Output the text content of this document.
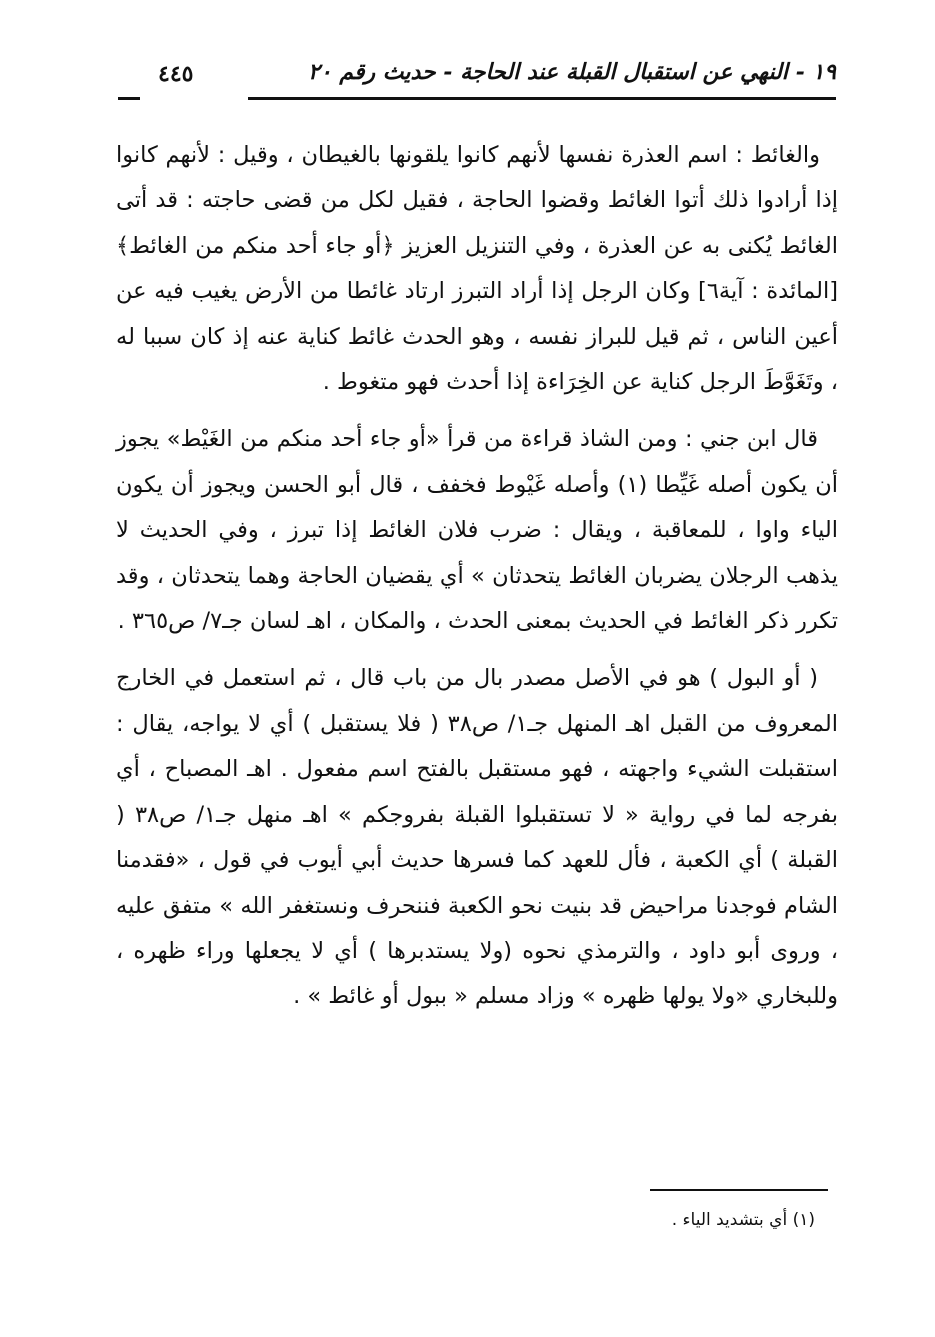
١٩ - النهي عن استقبال القبلة عند الحاجة - حديث رقم ٢٠
٤٤٥

والغائط : اسم العذرة نفسها لأنهم كانوا يلقونها بالغيطان ، وقيل : لأنهم كانوا إذا أرادوا ذلك أتوا الغائط وقضوا الحاجة ، فقيل لكل من قضى حاجته : قد أتى الغائط يُكنى به عن العذرة ، وفي التنزيل العزيز ﴿أو جاء أحد منكم من الغائط﴾ [المائدة : آية٦] وكان الرجل إذا أراد التبرز ارتاد غائطا من الأرض يغيب فيه عن أعين الناس ، ثم قيل للبراز نفسه ، وهو الحدث غائط كناية عنه إذ كان سببا له ، وتَغَوَّطَ الرجل كناية عن الخِرَاءة إذا أحدث فهو متغوط .

قال ابن جني : ومن الشاذ قراءة من قرأ «أو جاء أحد منكم من الغَيْط» يجوز أن يكون أصله غَيِّطا (١) وأصله غَيْوط فخفف ، قال أبو الحسن ويجوز أن يكون الياء واوا ، للمعاقبة ، ويقال : ضرب فلان الغائط إذا تبرز ، وفي الحديث لا يذهب الرجلان يضربان الغائط يتحدثان » أي يقضيان الحاجة وهما يتحدثان ، وقد تكرر ذكر الغائط في الحديث بمعنى الحدث ، والمكان ، اهـ لسان جـ٧/ ص٣٦٥ .

( أو البول ) هو في الأصل مصدر بال من باب قال ، ثم استعمل في الخارج المعروف من القبل اهـ المنهل جـ١/ ص٣٨ ( فلا يستقبل ) أي لا يواجه، يقال : استقبلت الشيء واجهته ، فهو مستقبل بالفتح اسم مفعول . اهـ المصباح ، أي بفرجه لما في رواية « لا تستقبلوا القبلة بفروجكم » اهـ منهل جـ١/ ص٣٨ ( القبلة ) أي الكعبة ، فأل للعهد كما فسرها حديث أبي أيوب في قول ، «فقدمنا الشام فوجدنا مراحيض قد بنيت نحو الكعبة فننحرف ونستغفر الله » متفق عليه ، وروى أبو داود ، والترمذي نحوه (ولا يستدبرها ) أي لا يجعلها وراء ظهره ، وللبخاري «ولا يولها ظهره » وزاد مسلم « ببول أو غائط » .

(١) أي بتشديد الياء .
